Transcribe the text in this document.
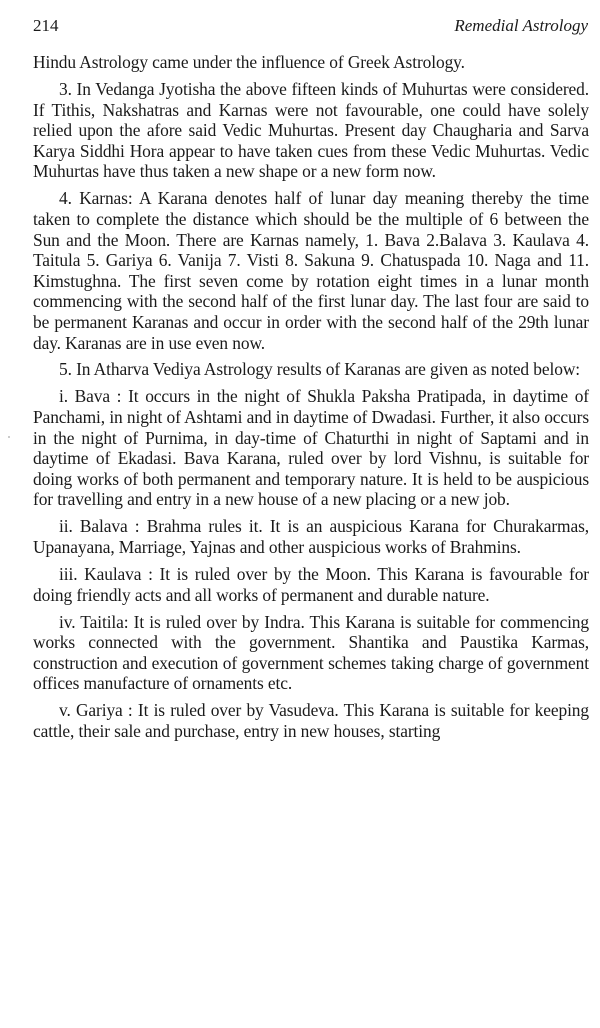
214	Remedial Astrology

Hindu Astrology came under the influence of Greek Astrology.

3. In Vedanga Jyotisha the above fifteen kinds of Muhurtas were considered. If Tithis, Nakshatras and Karnas were not favourable, one could have solely relied upon the afore said Vedic Muhurtas. Present day Chaugharia and Sarva Karya Siddhi Hora appear to have taken cues from these Vedic Muhurtas. Vedic Muhurtas have thus taken a new shape or a new form now.

4. Karnas: A Karana denotes half of lunar day meaning thereby the time taken to complete the distance which should be the multiple of 6 between the Sun and the Moon. There are Karnas namely, 1. Bava 2.Balava 3. Kaulava 4. Taitula 5. Gariya 6. Vanija 7. Visti 8. Sakuna 9. Chatuspada 10. Naga and 11. Kimstughna. The first seven come by rotation eight times in a lunar month commencing with the second half of the first lunar day. The last four are said to be permanent Karanas and occur in order with the second half of the 29th lunar day. Karanas are in use even now.

5. In Atharva Vediya Astrology results of Karanas are given as noted below:

i. Bava : It occurs in the night of Shukla Paksha Pratipada, in daytime of Panchami, in night of Ashtami and in daytime of Dwadasi. Further, it also occurs in the night of Purnima, in day-time of Chaturthi in night of Saptami and in daytime of Ekadasi. Bava Karana, ruled over by lord Vishnu, is suitable for doing works of both permanent and temporary nature. It is held to be auspicious for travelling and entry in a new house of a new placing or a new job.

ii. Balava : Brahma rules it. It is an auspicious Karana for Churakarmas, Upanayana, Marriage, Yajnas and other auspicious works of Brahmins.

iii. Kaulava : It is ruled over by the Moon. This Karana is favourable for doing friendly acts and all works of permanent and durable nature.

iv. Taitila: It is ruled over by Indra. This Karana is suitable for commencing works connected with the government. Shantika and Paustika Karmas, construction and execution of government schemes taking charge of government offices manufacture of ornaments etc.

v. Gariya : It is ruled over by Vasudeva. This Karana is suitable for keeping cattle, their sale and purchase, entry in new houses, starting
